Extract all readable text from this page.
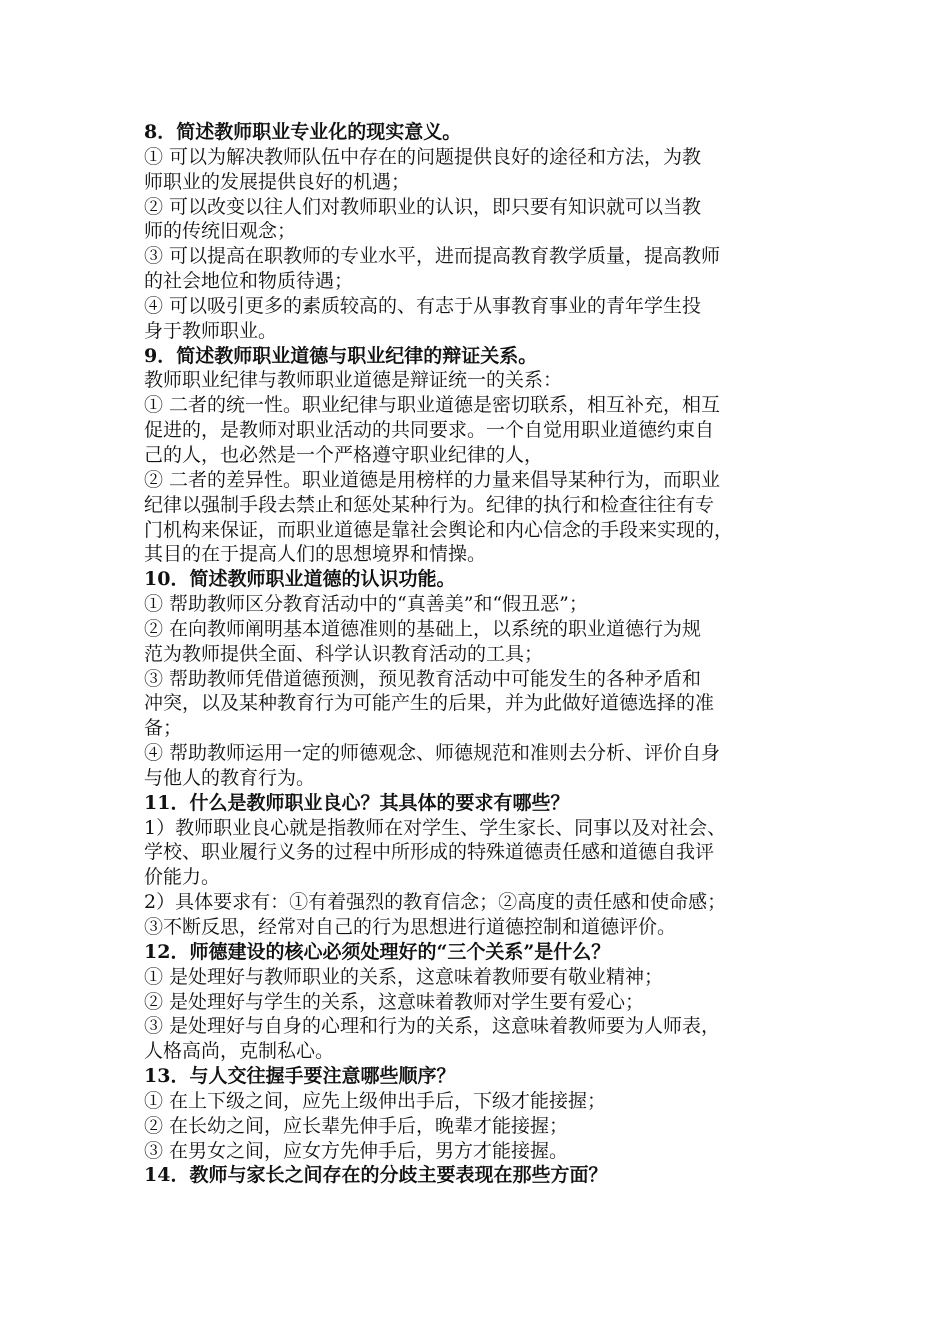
8．简述教师职业专业化的现实意义。
① 可以为解决教师队伍中存在的问题提供良好的途径和方法，为教
师职业的发展提供良好的机遇；
② 可以改变以往人们对教师职业的认识，即只要有知识就可以当教
师的传统旧观念；
③ 可以提高在职教师的专业水平，进而提高教育教学质量，提高教师
的社会地位和物质待遇；
④ 可以吸引更多的素质较高的、有志于从事教育事业的青年学生投
身于教师职业。
9．简述教师职业道德与职业纪律的辩证关系。
教师职业纪律与教师职业道德是辩证统一的关系：
① 二者的统一性。职业纪律与职业道德是密切联系，相互补充，相互
促进的，是教师对职业活动的共同要求。一个自觉用职业道德约束自
己的人，也必然是一个严格遵守职业纪律的人，
② 二者的差异性。职业道德是用榜样的力量来倡导某种行为，而职业
纪律以强制手段去禁止和惩处某种行为。纪律的执行和检查往往有专
门机构来保证，而职业道德是靠社会舆论和内心信念的手段来实现的，
其目的在于提高人们的思想境界和情操。
10．简述教师职业道德的认识功能。
① 帮助教师区分教育活动中的“真善美”和“假丑恶”；
② 在向教师阐明基本道德准则的基础上，以系统的职业道德行为规
范为教师提供全面、科学认识教育活动的工具；
③ 帮助教师凭借道德预测，预见教育活动中可能发生的各种矛盾和
冲突，以及某种教育行为可能产生的后果，并为此做好道德选择的准
备；
④ 帮助教师运用一定的师德观念、师德规范和准则去分析、评价自身
与他人的教育行为。
11．什么是教师职业良心？其具体的要求有哪些？
1）教师职业良心就是指教师在对学生、学生家长、同事以及对社会、
学校、职业履行义务的过程中所形成的特殊道德责任感和道德自我评
价能力。
2）具体要求有：①有着强烈的教育信念；②高度的责任感和使命感；
③不断反思，经常对自己的行为思想进行道德控制和道德评价。
12．师德建设的核心必须处理好的“三个关系”是什么？
① 是处理好与教师职业的关系，这意味着教师要有敬业精神；
② 是处理好与学生的关系，这意味着教师对学生要有爱心；
③ 是处理好与自身的心理和行为的关系，这意味着教师要为人师表，
人格高尚，克制私心。
13．与人交往握手要注意哪些顺序？
① 在上下级之间，应先上级伸出手后，下级才能接握；
② 在长幼之间，应长辈先伸手后，晚辈才能接握；
③ 在男女之间，应女方先伸手后，男方才能接握。
14．教师与家长之间存在的分歧主要表现在那些方面？
